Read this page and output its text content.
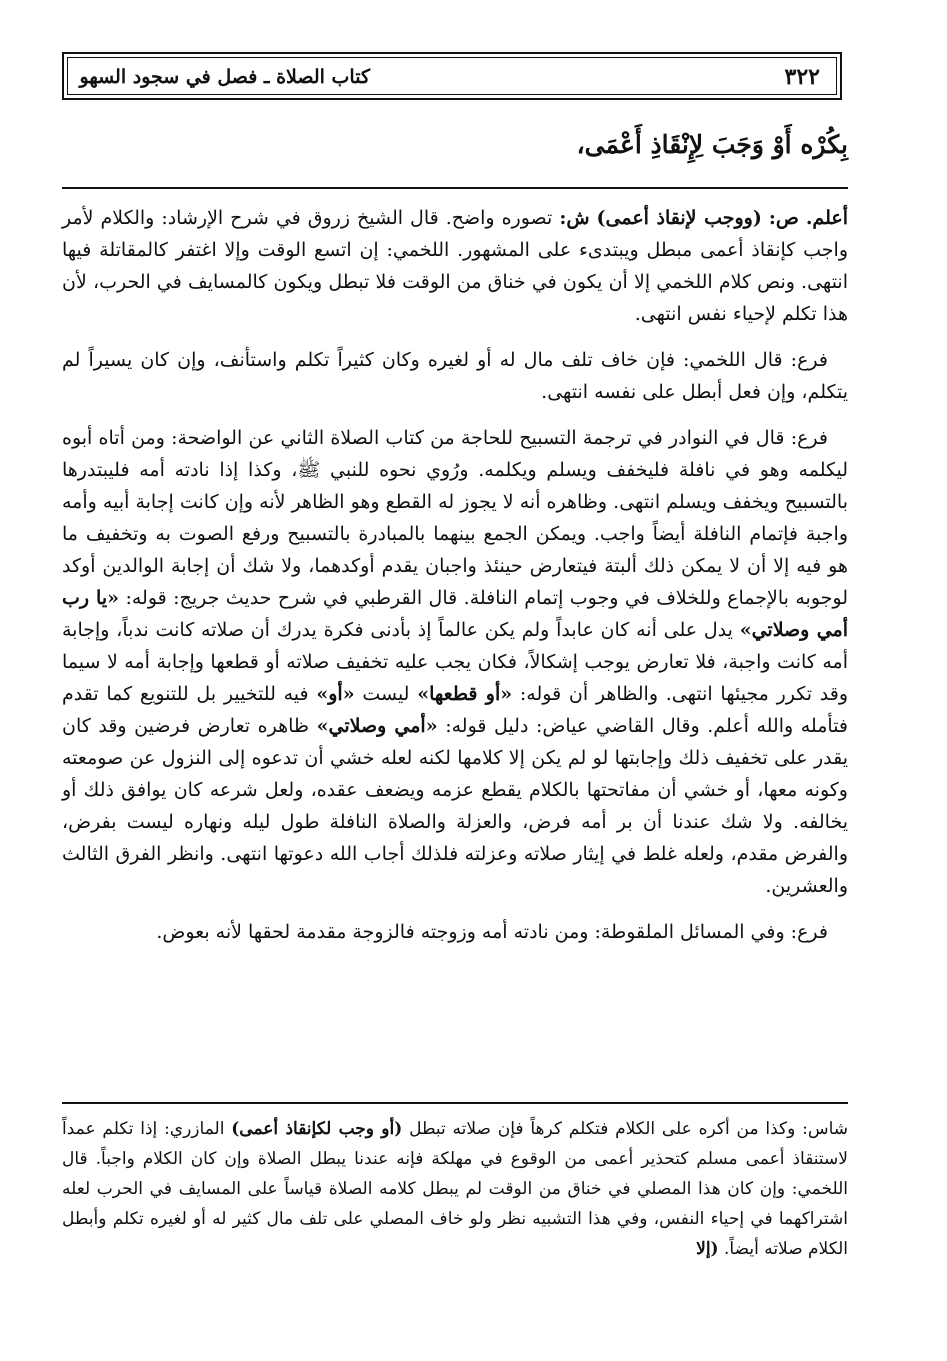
كتاب الصلاة ـ فصل في سجود السهو	٣٢٢
بِكُرْه أَوْ وَجَبَ لِإِنْقَاذِ أَعْمَى،

أعلم. ص: (ووجب لإنقاذ أعمى) ش: تصوره واضح. قال الشيخ زروق في شرح الإرشاد: والكلام لأمر واجب كإنقاذ أعمى مبطل ويبتدىء على المشهور. اللخمي: إن اتسع الوقت وإلا اغتفر كالمقاتلة فيها انتهى. ونص كلام اللخمي إلا أن يكون في خناق من الوقت فلا تبطل ويكون كالمسايف في الحرب، لأن هذا تكلم لإحياء نفس انتهى.

فرع: قال اللخمي: فإن خاف تلف مال له أو لغيره وكان كثيراً تكلم واستأنف، وإن كان يسيراً لم يتكلم، وإن فعل أبطل على نفسه انتهى.

فرع: قال في النوادر في ترجمة التسبيح للحاجة من كتاب الصلاة الثاني عن الواضحة: ومن أتاه أبوه ليكلمه وهو في نافلة فليخفف ويسلم ويكلمه. ورُوي نحوه للنبي ﷺ، وكذا إذا نادته أمه فليبتدرها بالتسبيح ويخفف ويسلم انتهى. وظاهره أنه لا يجوز له القطع وهو الظاهر لأنه وإن كانت إجابة أبيه وأمه واجبة فإتمام النافلة أيضاً واجب. ويمكن الجمع بينهما بالمبادرة بالتسبيح ورفع الصوت به وتخفيف ما هو فيه إلا أن لا يمكن ذلك ألبتة فيتعارض حينئذ واجبان يقدم أوكدهما، ولا شك أن إجابة الوالدين أوكد لوجوبه بالإجماع وللخلاف في وجوب إتمام النافلة. قال القرطبي في شرح حديث جريج: قوله: «يا رب أمي وصلاتي» يدل على أنه كان عابداً ولم يكن عالماً إذ بأدنى فكرة يدرك أن صلاته كانت ندباً، وإجابة أمه كانت واجبة، فلا تعارض يوجب إشكالاً، فكان يجب عليه تخفيف صلاته أو قطعها وإجابة أمه لا سيما وقد تكرر مجيئها انتهى. والظاهر أن قوله: «أو قطعها» ليست «أو» فيه للتخيير بل للتنويع كما تقدم فتأمله والله أعلم. وقال القاضي عياض: دليل قوله: «أمي وصلاتي» ظاهره تعارض فرضين وقد كان يقدر على تخفيف ذلك وإجابتها لو لم يكن إلا كلامها لكنه لعله خشي أن تدعوه إلى النزول عن صومعته وكونه معها، أو خشي أن مفاتحتها بالكلام يقطع عزمه ويضعف عقده، ولعل شرعه كان يوافق ذلك أو يخالفه. ولا شك عندنا أن بر أمه فرض، والعزلة والصلاة النافلة طول ليله ونهاره ليست بفرض، والفرض مقدم، ولعله غلط في إيثار صلاته وعزلته فلذلك أجاب الله دعوتها انتهى. وانظر الفرق الثالث والعشرين.

فرع: وفي المسائل الملقوطة: ومن نادته أمه وزوجته فالزوجة مقدمة لحقها لأنه بعوض.

شاس: وكذا من أكره على الكلام فتكلم كرهاً فإن صلاته تبطل (أو وجب لكإنقاذ أعمى) المازري: إذا تكلم عمداً لاستنقاذ أعمى مسلم كتحذير أعمى من الوقوع في مهلكة فإنه عندنا يبطل الصلاة وإن كان الكلام واجباً. قال اللخمي: وإن كان هذا المصلي في خناق من الوقت لم يبطل كلامه الصلاة قياساً على المسايف في الحرب لعله اشتراكهما في إحياء النفس، وفي هذا التشبيه نظر ولو خاف المصلي على تلف مال كثير له أو لغيره تكلم وأبطل الكلام صلاته أيضاً. (إلا
